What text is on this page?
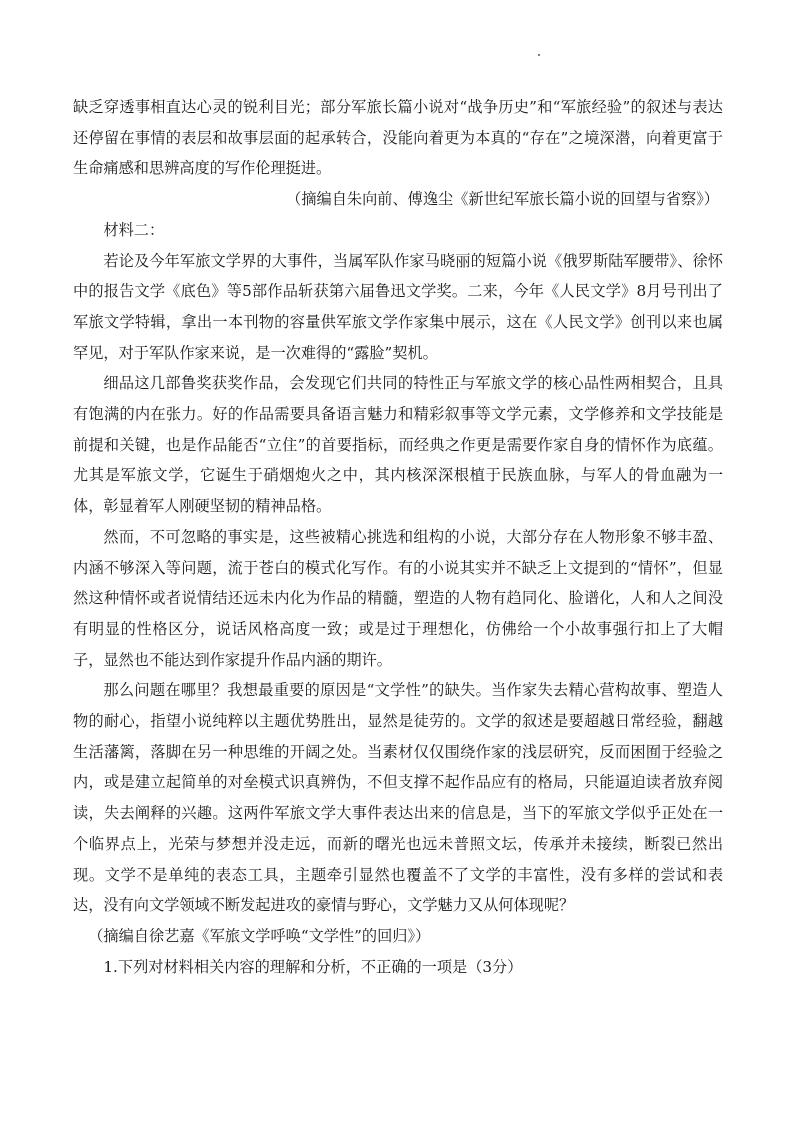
缺乏穿透事相直达心灵的锐利目光；部分军旅长篇小说对“战争历史”和“军旅经验”的叙述与表达还停留在事情的表层和故事层面的起承转合，没能向着更为本真的“存在”之境深潜，向着更富于生命痛感和思辨高度的写作伦理挺进。

（摘编自朱向前、傅逸尘《新世纪军旅长篇小说的回望与省察》）

材料二：

若论及今年军旅文学界的大事件，当属军队作家马晓丽的短篇小说《俄罗斯陆军腰带》、徐怀中的报告文学《底色》等5部作品斩获第六届鲁迅文学奖。二来，今年《人民文学》8月号刊出了军旅文学特辑，拿出一本刊物的容量供军旅文学作家集中展示，这在《人民文学》创刊以来也属罕见，对于军队作家来说，是一次难得的“露脸”契机。

细品这几部鲁奖获奖作品，会发现它们共同的特性正与军旅文学的核心品性两相契合，且具有饱满的内在张力。好的作品需要具备语言魅力和精彩叙事等文学元素，文学修养和文学技能是前提和关键，也是作品能否“立住”的首要指标，而经典之作更是需要作家自身的情怀作为底蕴。尤其是军旅文学，它诞生于硝烟炮火之中，其内核深深根植于民族血脉，与军人的骨血融为一体，彰显着军人刚硬坚韧的精神品格。

然而，不可忽略的事实是，这些被精心挑选和组构的小说，大部分存在人物形象不够丰盈、内涵不够深入等问题，流于苍白的模式化写作。有的小说其实并不缺乏上文提到的“情怀”，但显然这种情怀或者说情结还远未内化为作品的精髓，塑造的人物有趋同化、脸谱化，人和人之间没有明显的性格区分，说话风格高度一致；或是过于理想化，仿佛给一个小故事强行扣上了大帽子，显然也不能达到作家提升作品内涵的期许。

那么问题在哪里？我想最重要的原因是“文学性”的缺失。当作家失去精心营构故事、塑造人物的耐心，指望小说纯粹以主题优势胜出，显然是徒劳的。文学的叙述是要超越日常经验，翻越生活藩篱，落脚在另一种思维的开阔之处。当素材仅仅围绕作家的浅层研究，反而困囿于经验之内，或是建立起简单的对垒模式识真辨伪，不但支撑不起作品应有的格局，只能逼迫读者放弃阅读，失去阐释的兴趣。这两件军旅文学大事件表达出来的信息是，当下的军旅文学似乎正处在一个临界点上，光荣与梦想并没走远，而新的曙光也远未普照文坛，传承并未接续，断裂已然出现。文学不是单纯的表态工具，主题牵引显然也覆盖不了文学的丰富性，没有多样的尝试和表达，没有向文学领域不断发起进攻的豪情与野心，文学魅力又从何体现呢？

（摘编自徐艺嘉《军旅文学呼唤“文学性”的回归》）

1.下列对材料相关内容的理解和分析，不正确的一项是（3分）
